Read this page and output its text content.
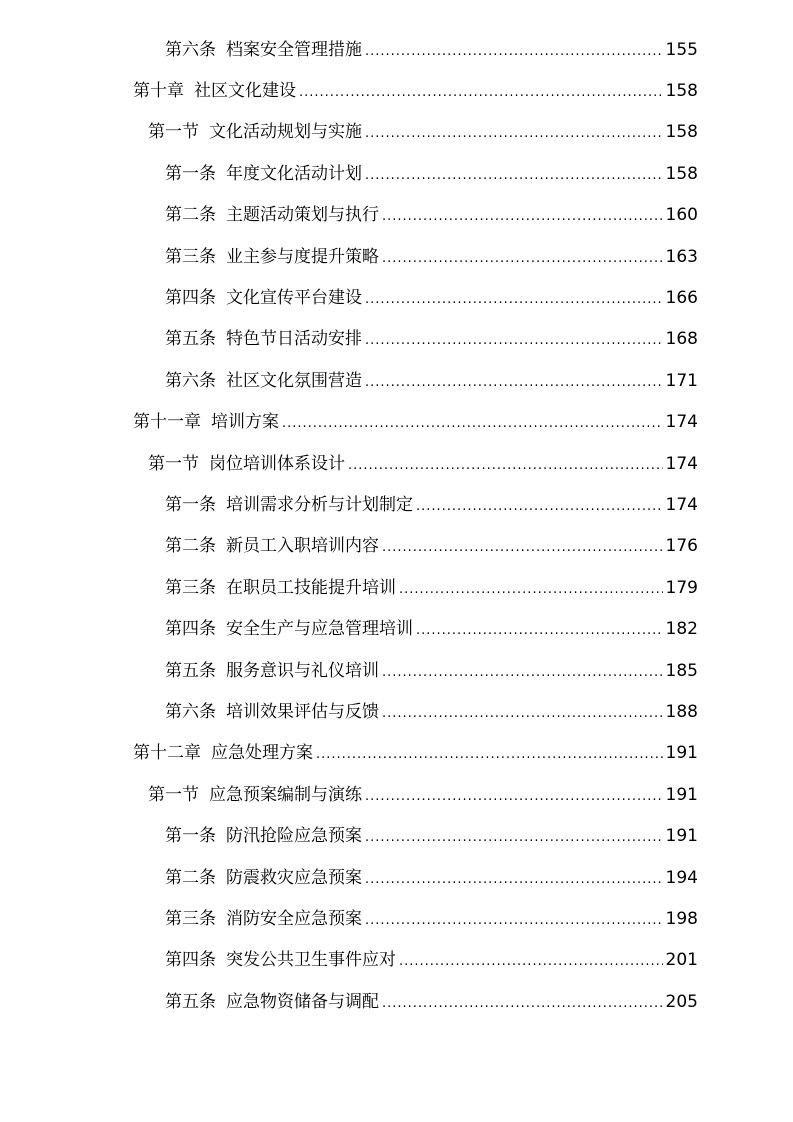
第六条 档案安全管理措施 .....	155
第十章 社区文化建设 .....	158
第一节 文化活动规划与实施 .....	158
第一条 年度文化活动计划 .....	158
第二条 主题活动策划与执行 .....	160
第三条 业主参与度提升策略 .....	163
第四条 文化宣传平台建设 .....	166
第五条 特色节日活动安排 .....	168
第六条 社区文化氛围营造 .....	171
第十一章 培训方案 .....	174
第一节 岗位培训体系设计 .....	174
第一条 培训需求分析与计划制定 .....	174
第二条 新员工入职培训内容 .....	176
第三条 在职员工技能提升培训 .....	179
第四条 安全生产与应急管理培训 .....	182
第五条 服务意识与礼仪培训 .....	185
第六条 培训效果评估与反馈 .....	188
第十二章 应急处理方案 .....	191
第一节 应急预案编制与演练 .....	191
第一条 防汛抢险应急预案 .....	191
第二条 防震救灾应急预案 .....	194
第三条 消防安全应急预案 .....	198
第四条 突发公共卫生事件应对 .....	201
第五条 应急物资储备与调配 .....	205
